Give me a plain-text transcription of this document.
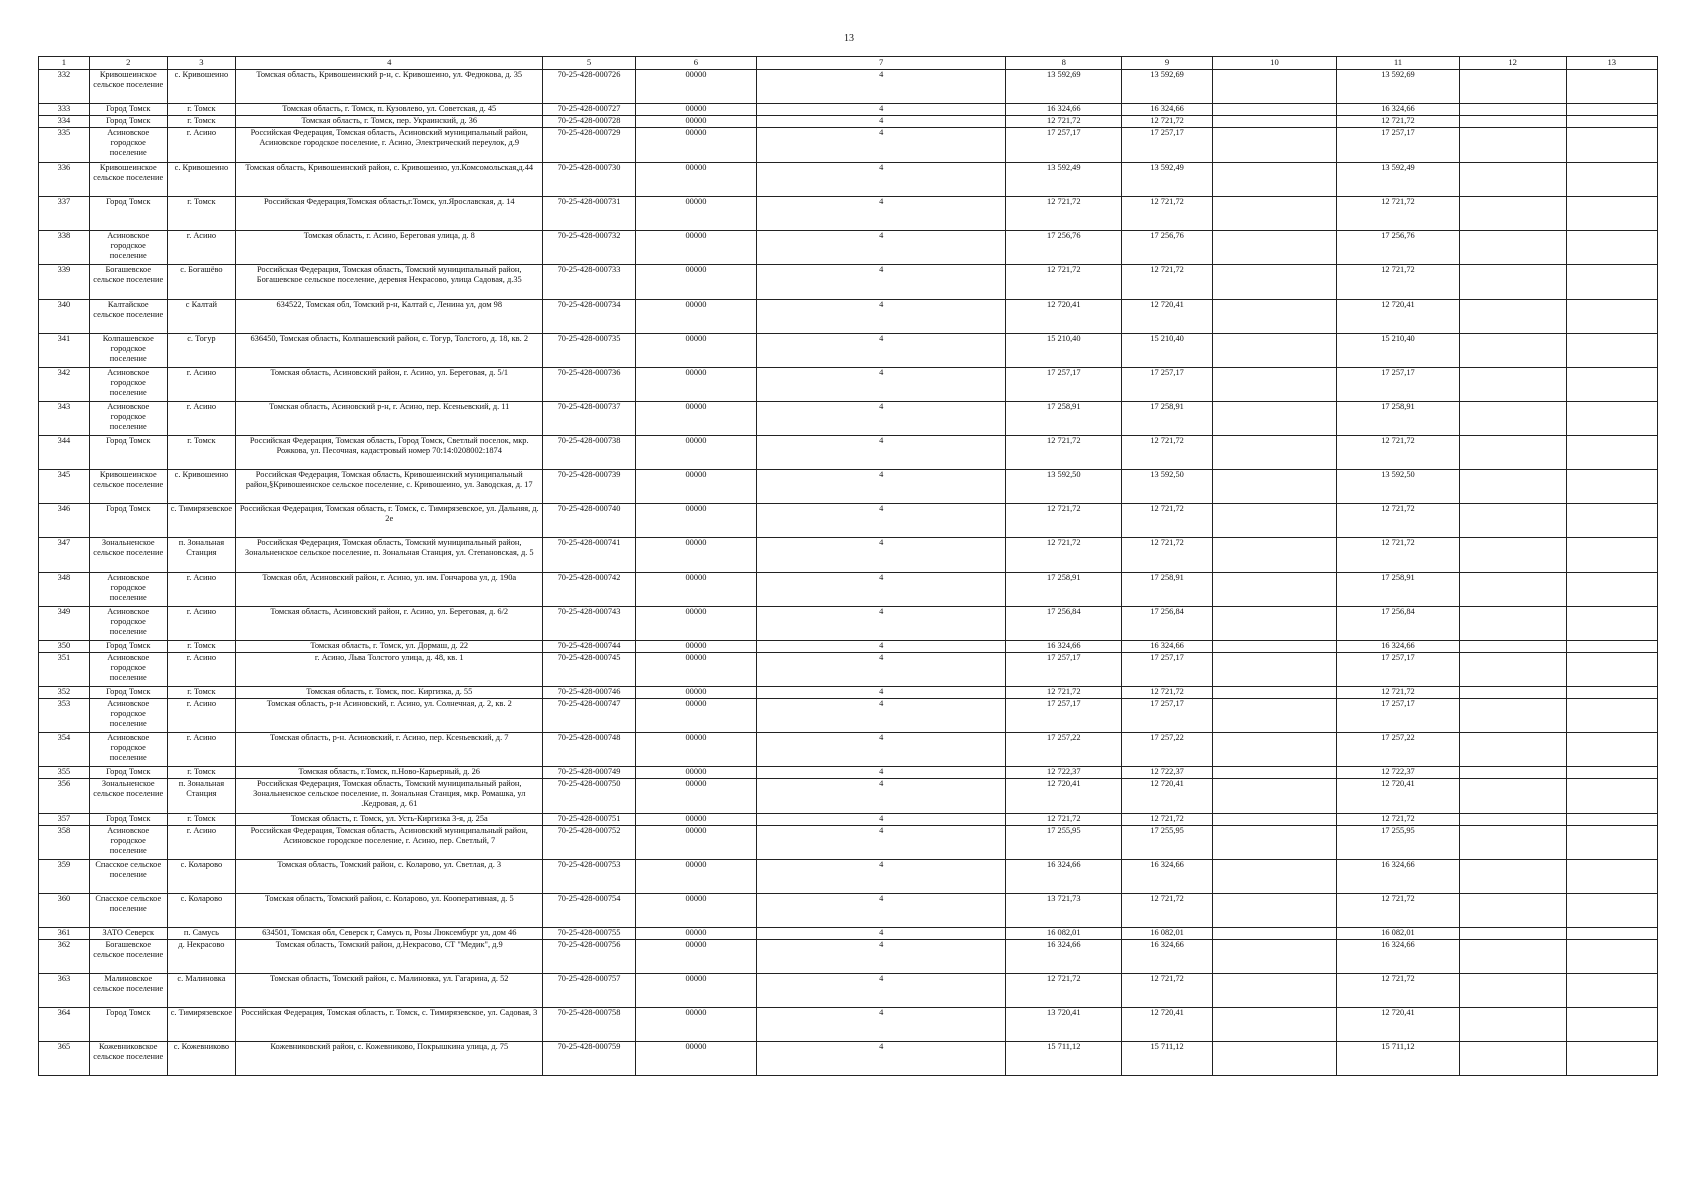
13
1	2	3	4	5	6	7	8	9	10	11	12	13
332	Кривошеинское сельское поселение	с. Кривошеино	Томская область, Кривошеинский р-н, с. Кривошеино, ул. Федюкова, д. 35	70-25-428-000726	00000	4	13 592,69	13 592,69		13 592,69		
333	Город Томск	г. Томск	Томская область, г. Томск, п. Кузовлево, ул. Советская, д. 45	70-25-428-000727	00000	4	16 324,66	16 324,66		16 324,66		
334	Город Томск	г. Томск	Томская область, г. Томск, пер. Украинский, д. 36	70-25-428-000728	00000	4	12 721,72	12 721,72		12 721,72		
335	Асиновское городское поселение	г. Асино	Российская Федерация, Томская область, Асиновский муниципальный район, Асиновское городское поселение, г. Асино, Электрический переулок, д.9	70-25-428-000729	00000	4	17 257,17	17 257,17		17 257,17		
336	Кривошеинское сельское поселение	с. Кривошеино	Томская область, Кривошеинский район, с. Кривошеино, ул.Комсомольская,д.44	70-25-428-000730	00000	4	13 592,49	13 592,49		13 592,49		
337	Город Томск	г. Томск	Российская Федерация,Томская область,г.Томск, ул.Ярославская, д. 14	70-25-428-000731	00000	4	12 721,72	12 721,72		12 721,72		
338	Асиновское городское поселение	г. Асино	Томская область, г. Асино, Береговая улица, д. 8	70-25-428-000732	00000	4	17 256,76	17 256,76		17 256,76		
339	Богашевское сельское поселение	с. Богашёво	Российская Федерация, Томская область, Томский муниципальный район, Богашевское сельское поселение, деревня Некрасово, улица Садовая, д.35	70-25-428-000733	00000	4	12 721,72	12 721,72		12 721,72		
340	Калтайское сельское поселение	с Калтай	634522, Томская обл, Томский р-н, Калтай с, Ленина ул, дом 98	70-25-428-000734	00000	4	12 720,41	12 720,41		12 720,41		
341	Колпашевское городское поселение	с. Тогур	636450, Томская область, Колпашевский район, с. Тогур, Толстого, д. 18, кв. 2	70-25-428-000735	00000	4	15 210,40	15 210,40		15 210,40		
342	Асиновское городское поселение	г. Асино	Томская область, Асиновский район, г. Асино, ул. Береговая, д. 5/1	70-25-428-000736	00000	4	17 257,17	17 257,17		17 257,17		
343	Асиновское городское поселение	г. Асино	Томская область, Асиновский р-н, г. Асино, пер. Ксеньевский, д. 11	70-25-428-000737	00000	4	17 258,91	17 258,91		17 258,91		
344	Город Томск	г. Томск	Российская Федерация, Томская область, Город Томск, Светлый поселок, мкр. Рожкова, ул. Песочная, кадастровый номер 70:14:0208002:1874	70-25-428-000738	00000	4	12 721,72	12 721,72		12 721,72		
345	Кривошеинское сельское поселение	с. Кривошеино	Российская Федерация, Томская область, Кривошеинский муниципальный район,§Кривошеинское сельское поселение, с. Кривошеино, ул. Заводская, д. 17	70-25-428-000739	00000	4	13 592,50	13 592,50		13 592,50		
346	Город Томск	с. Тимирязевское	Российская Федерация, Томская область, г. Томск, с. Тимирязевское, ул. Дальняя, д. 2е	70-25-428-000740	00000	4	12 721,72	12 721,72		12 721,72		
347	Зональненское сельское поселение	п. Зональная Станция	Российская Федерация, Томская область, Томский муниципальный район, Зональненское сельское поселение, п. Зональная Станция, ул. Степановская, д. 5	70-25-428-000741	00000	4	12 721,72	12 721,72		12 721,72		
348	Асиновское городское поселение	г. Асино	Томская обл, Асиновский район, г. Асино, ул. им. Гончарова ул, д. 190а	70-25-428-000742	00000	4	17 258,91	17 258,91		17 258,91		
349	Асиновское городское поселение	г. Асино	Томская область, Асиновский район, г. Асино, ул. Береговая, д. 6/2	70-25-428-000743	00000	4	17 256,84	17 256,84		17 256,84		
350	Город Томск	г. Томск	Томская область, г. Томск, ул. Дормаш, д. 22	70-25-428-000744	00000	4	16 324,66	16 324,66		16 324,66		
351	Асиновское городское поселение	г. Асино	г. Асино, Льва Толстого улица, д. 48, кв. 1	70-25-428-000745	00000	4	17 257,17	17 257,17		17 257,17		
352	Город Томск	г. Томск	Томская область, г. Томск, пос. Киргизка, д. 55	70-25-428-000746	00000	4	12 721,72	12 721,72		12 721,72		
353	Асиновское городское поселение	г. Асино	Томская область, р-н Асиновский, г. Асино, ул. Солнечная, д. 2, кв. 2	70-25-428-000747	00000	4	17 257,17	17 257,17		17 257,17		
354	Асиновское городское поселение	г. Асино	Томская область, р-н. Асиновский, г. Асино, пер. Ксеньевский, д. 7	70-25-428-000748	00000	4	17 257,22	17 257,22		17 257,22		
355	Город Томск	г. Томск	Томская область, г.Томск, п.Ново-Карьерный, д. 26	70-25-428-000749	00000	4	12 722,37	12 722,37		12 722,37		
356	Зональненское сельское поселение	п. Зональная Станция	Российская Федерация, Томская область, Томский муниципальный район, Зональненское сельское поселение, п. Зональная Станция, мкр. Ромашка, ул .Кедровая, д. 61	70-25-428-000750	00000	4	12 720,41	12 720,41		12 720,41		
357	Город Томск	г. Томск	Томская область, г. Томск, ул. Усть-Киргизка 3-я, д. 25а	70-25-428-000751	00000	4	12 721,72	12 721,72		12 721,72		
358	Асиновское городское поселение	г. Асино	Российская Федерация, Томская область, Асиновский муниципальный район, Асиновское городское поселение, г. Асино, пер. Светлый, 7	70-25-428-000752	00000	4	17 255,95	17 255,95		17 255,95		
359	Спасское сельское поселение	с. Коларово	Томская область, Томский район, с. Коларово, ул. Светлая, д. 3	70-25-428-000753	00000	4	16 324,66	16 324,66		16 324,66		
360	Спасское сельское поселение	с. Коларово	Томская область, Томский район, с. Коларово, ул. Кооперативная, д. 5	70-25-428-000754	00000	4	13 721,73	12 721,72		12 721,72		
361	ЗАТО Северск	п. Самусь	634501, Томская обл, Северск г, Самусь п, Розы Люксембург ул, дом 46	70-25-428-000755	00000	4	16 082,01	16 082,01		16 082,01		
362	Богашевское сельское поселение	д. Некрасово	Томская область, Томский район, д.Некрасово, СТ "Медик", д.9	70-25-428-000756	00000	4	16 324,66	16 324,66		16 324,66		
363	Малиновское сельское поселение	с. Малиновка	Томская область, Томский район, с. Малиновка, ул. Гагарина, д. 52	70-25-428-000757	00000	4	12 721,72	12 721,72		12 721,72		
364	Город Томск	с. Тимирязевское	Российская Федерация, Томская область, г. Томск, с. Тимирязевское, ул. Садовая, 3	70-25-428-000758	00000	4	13 720,41	12 720,41		12 720,41		
365	Кожевниковское сельское поселение	с. Кожевниково	Кожевниковский район, с. Кожевниково, Покрышкина улица, д. 75	70-25-428-000759	00000	4	15 711,12	15 711,12		15 711,12		
